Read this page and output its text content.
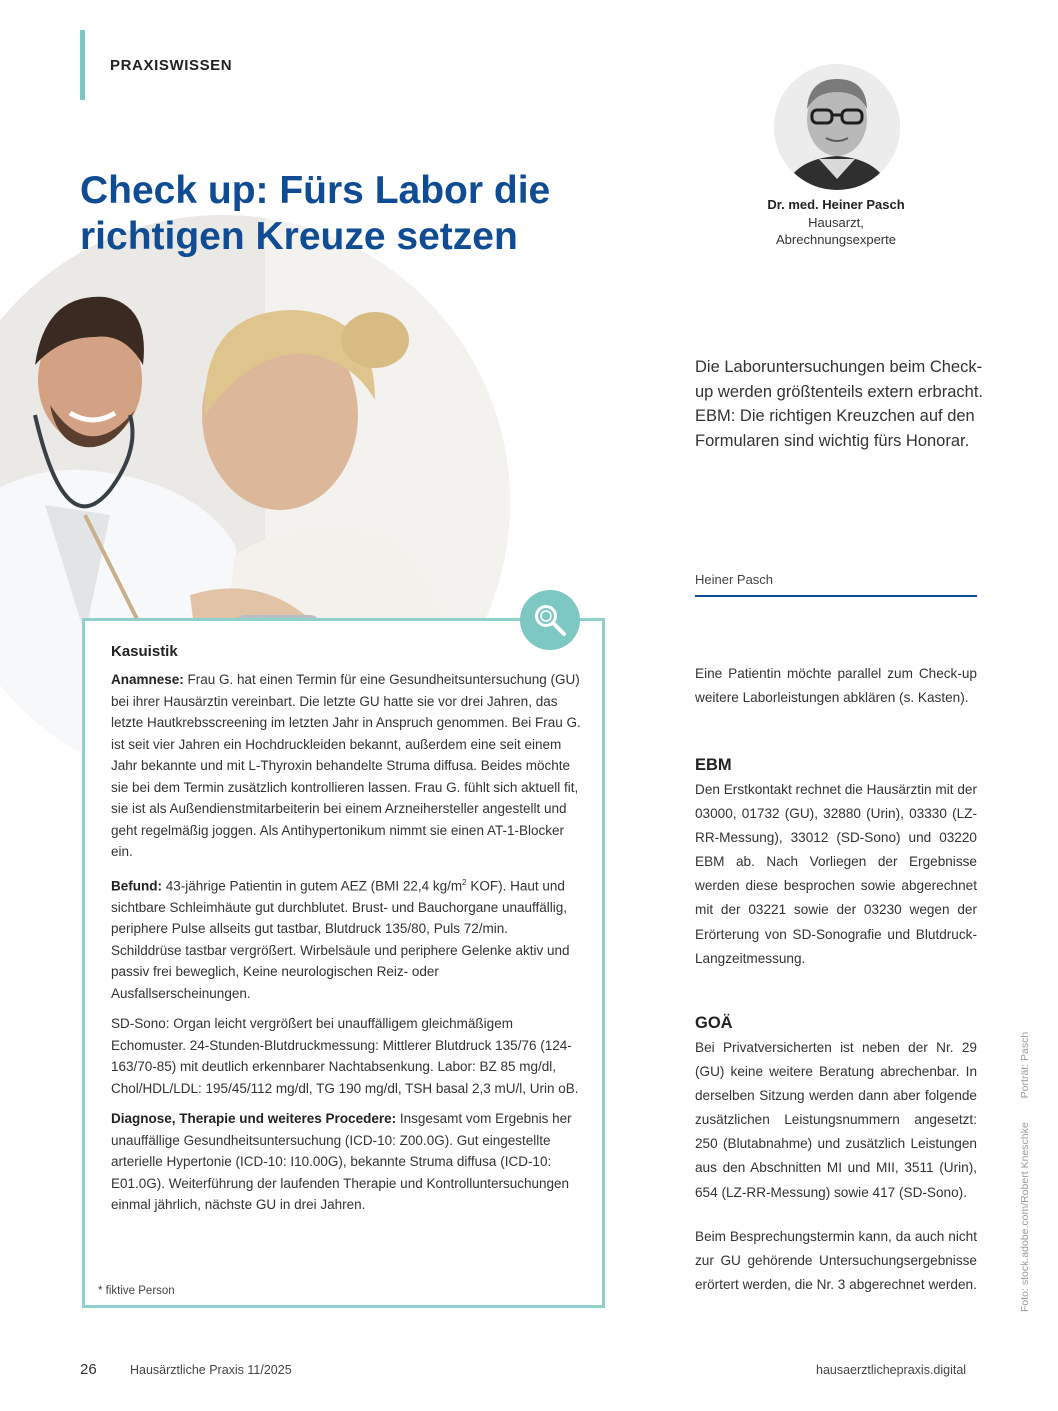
PRAXISWISSEN
Check up: Fürs Labor die richtigen Kreuze setzen
Dr. med. Heiner Pasch
Hausarzt,
Abrechnungsexperte

Die Laboruntersuchungen beim Check-up werden größtenteils extern erbracht. EBM: Die richtigen Kreuzchen auf den Formularen sind wichtig fürs Honorar.

Heiner Pasch
Kasuistik

Anamnese: Frau G. hat einen Termin für eine Gesundheitsuntersuchung (GU) bei ihrer Hausärztin vereinbart. Die letzte GU hatte sie vor drei Jahren, das letzte Hautkrebsscreening im letzten Jahr in Anspruch genommen. Bei Frau G. ist seit vier Jahren ein Hochdruckleiden bekannt, außerdem eine seit einem Jahr bekannte und mit L-Thyroxin behandelte Struma diffusa. Beides möchte sie bei dem Termin zusätzlich kontrollieren lassen. Frau G. fühlt sich aktuell fit, sie ist als Außendienstmitarbeiterin bei einem Arzneihersteller angestellt und geht regelmäßig joggen. Als Antihypertonikum nimmt sie einen AT-1-Blocker ein.

Befund: 43-jährige Patientin in gutem AEZ (BMI 22,4 $kg/m^2$ KOF). Haut und sichtbare Schleimhäute gut durchblutet. Brust- und Bauchorgane unauffällig, periphere Pulse allseits gut tastbar, Blutdruck 135/80, Puls 72/min. Schilddrüse tastbar vergrößert. Wirbelsäule und periphere Gelenke aktiv und passiv frei beweglich, Keine neurologischen Reiz- oder Ausfallserscheinungen.

SD-Sono: Organ leicht vergrößert bei unauffälligem gleichmäßigem Echomuster. 24-Stunden-Blutdruckmessung: Mittlerer Blutdruck 135/76 (124-163/70-85) mit deutlich erkennbarer Nachtabsenkung. Labor: BZ 85 mg/dl, Chol/HDL/LDL: 195/45/112 mg/dl, TG 190 mg/dl, TSH basal 2,3 mU/l, Urin oB.

Diagnose, Therapie und weiteres Procedere: Insgesamt vom Ergebnis her unauffällige Gesundheitsuntersuchung (ICD-10: Z00.0G). Gut eingestellte arterielle Hypertonie (ICD-10: I10.00G), bekannte Struma diffusa (ICD-10: E01.0G). Weiterführung der laufenden Therapie und Kontrolluntersuchungen einmal jährlich, nächste GU in drei Jahren.

* fiktive Person

Eine Patientin möchte parallel zum Check-up weitere Laborleistungen abklären (s. Kasten).

EBM

Den Erstkontakt rechnet die Hausärztin mit der 03000, 01732 (GU), 32880 (Urin), 03330 (LZ-RR-Messung), 33012 (SD-Sono) und 03220 EBM ab. Nach Vorliegen der Ergebnisse werden diese besprochen sowie abgerechnet mit der 03221 sowie der 03230 wegen der Erörterung von SD-Sonografie und Blutdruck-Langzeitmessung.

GOÄ

Bei Privatversicherten ist neben der Nr. 29 (GU) keine weitere Beratung abrechenbar. In derselben Sitzung werden dann aber folgende zusätzlichen Leistungsnummern angesetzt: 250 (Blutabnahme) und zusätzlich Leistungen aus den Abschnitten MI und MII, 3511 (Urin), 654 (LZ-RR-Messung) sowie 417 (SD-Sono).

Beim Besprechungstermin kann, da auch nicht zur GU gehörende Untersuchungsergebnisse erörtert werden, die Nr. 3 abgerechnet werden.	Foto: stock.adobe.com/Robert KneschkePorträt: Pasch
26	Hausärztliche Praxis 11/2025	hausaerztlichepraxis.digital
